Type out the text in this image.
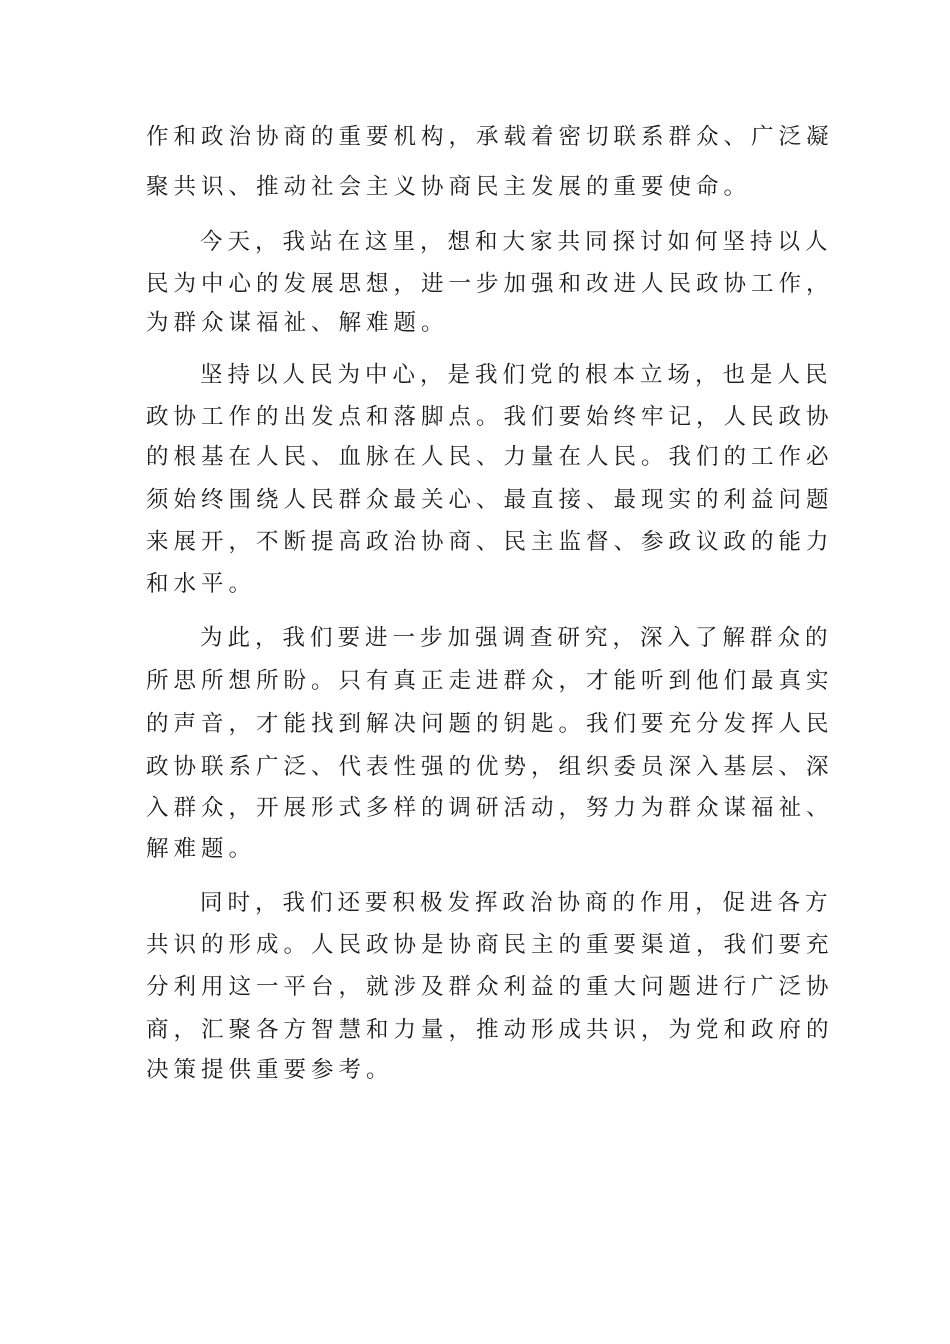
作和政治协商的重要机构，承载着密切联系群众、广泛凝
聚共识、推动社会主义协商民主发展的重要使命。
今天，我站在这里，想和大家共同探讨如何坚持以人
民为中心的发展思想，进一步加强和改进人民政协工作，
为群众谋福祉、解难题。
坚持以人民为中心，是我们党的根本立场，也是人民
政协工作的出发点和落脚点。我们要始终牢记，人民政协
的根基在人民、血脉在人民、力量在人民。我们的工作必
须始终围绕人民群众最关心、最直接、最现实的利益问题
来展开，不断提高政治协商、民主监督、参政议政的能力
和水平。
为此，我们要进一步加强调查研究，深入了解群众的
所思所想所盼。只有真正走进群众，才能听到他们最真实
的声音，才能找到解决问题的钥匙。我们要充分发挥人民
政协联系广泛、代表性强的优势，组织委员深入基层、深
入群众，开展形式多样的调研活动，努力为群众谋福祉、
解难题。
同时，我们还要积极发挥政治协商的作用，促进各方
共识的形成。人民政协是协商民主的重要渠道，我们要充
分利用这一平台，就涉及群众利益的重大问题进行广泛协
商，汇聚各方智慧和力量，推动形成共识，为党和政府的
决策提供重要参考。
